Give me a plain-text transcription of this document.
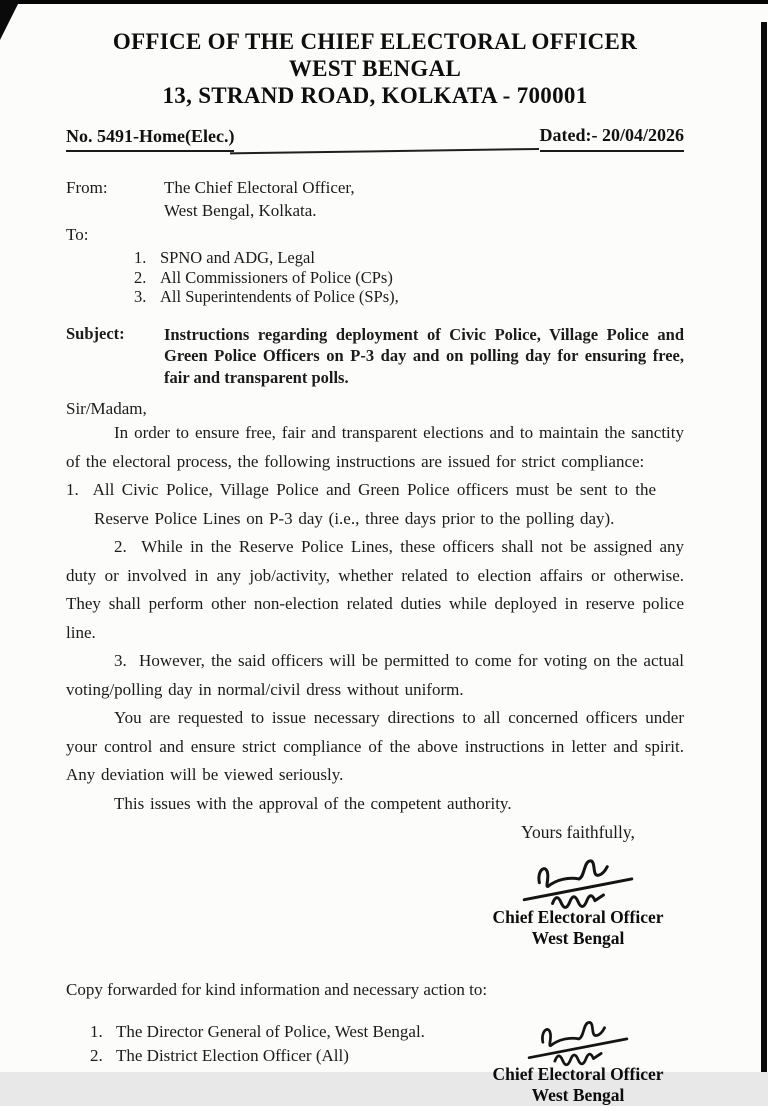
OFFICE OF THE CHIEF ELECTORAL OFFICER
WEST BENGAL
13, STRAND ROAD, KOLKATA - 700001
No. 5491-Home(Elec.)	Dated:- 20/04/2026
From:	The Chief Electoral Officer,
West Bengal, Kolkata.
To:
1. SPNO and ADG, Legal
2. All Commissioners of Police (CPs)
3. All Superintendents of Police (SPs),
Subject:	Instructions regarding deployment of Civic Police, Village Police and Green Police Officers on P-3 day and on polling day for ensuring free, fair and transparent polls.
Sir/Madam,

In order to ensure free, fair and transparent elections and to maintain the sanctity of the electoral process, the following instructions are issued for strict compliance:

1.  All Civic Police, Village Police and Green Police officers must be sent to the Reserve Police Lines on P-3 day (i.e., three days prior to the polling day).

2.  While in the Reserve Police Lines, these officers shall not be assigned any duty or involved in any job/activity, whether related to election affairs or otherwise. They shall perform other non-election related duties while deployed in reserve police line.

3.  However, the said officers will be permitted to come for voting on the actual voting/polling day in normal/civil dress without uniform.

You are requested to issue necessary directions to all concerned officers under your control and ensure strict compliance of the above instructions in letter and spirit. Any deviation will be viewed seriously.

This issues with the approval of the competent authority.

Yours faithfully,
Chief Electoral Officer
West Bengal
Copy forwarded for kind information and necessary action to:
1. The Director General of Police, West Bengal.
2. The District Election Officer (All)
Chief Electoral Officer
West Bengal
